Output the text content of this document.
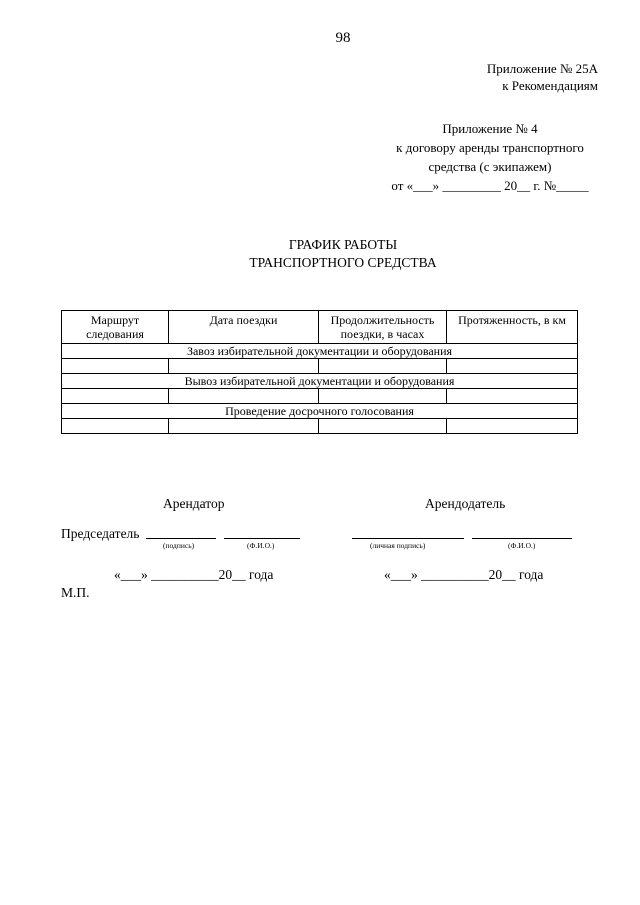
98
Приложение № 25А
к Рекомендациям
Приложение № 4
к договору аренды транспортного
средства (с экипажем)
от «___» _________ 20__ г. №_____
ГРАФИК РАБОТЫ
ТРАНСПОРТНОГО СРЕДСТВА
Маршрут следования	Дата поездки	Продолжительность поездки, в часах	Протяженность, в км
Завоз избирательной документации и оборудования			

Вывоз избирательной документации и оборудования			

Проведение досрочного голосования			

Арендатор	Арендодатель
Председатель
(подпись)	(Ф.И.О.)	(личная подпись)	(Ф.И.О.)
«___» __________20__ года	«___» __________20__ года
М.П.
